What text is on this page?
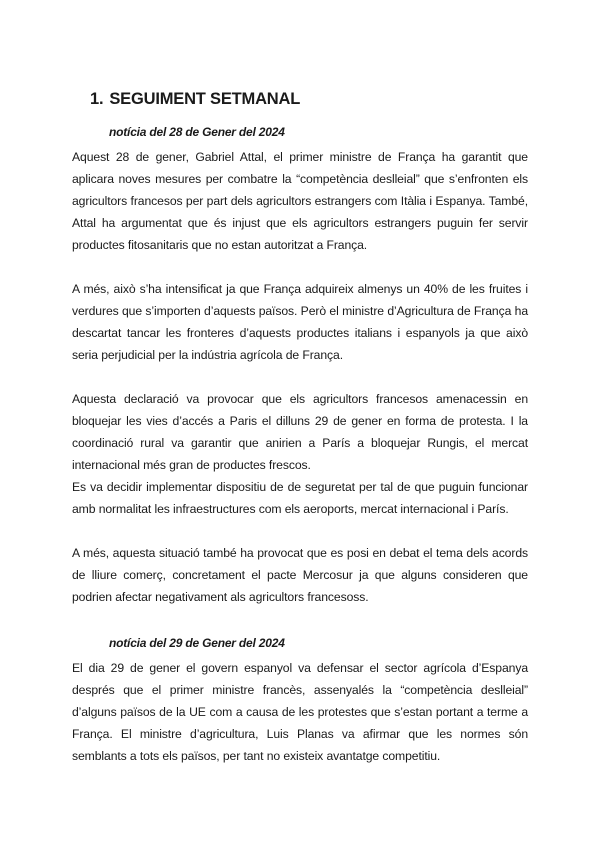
1. SEGUIMENT SETMANAL

notícia del 28 de Gener del 2024

Aquest 28 de gener, Gabriel Attal, el primer ministre de França ha garantit que aplicara noves mesures per combatre la “competència deslleial” que s’enfronten els agricultors francesos per part dels agricultors estrangers com Itàlia i Espanya. També, Attal ha argumentat que és injust que els agricultors estrangers puguin fer servir productes fitosanitaris que no estan autoritzat a França.

A més, això s’ha intensificat ja que França adquireix almenys un 40% de les fruites i verdures que s’importen d’aquests països. Però el ministre d’Agricultura de França ha descartat tancar les fronteres d’aquests productes italians i espanyols ja que això seria perjudicial per la indústria agrícola de França.

Aquesta declaració va provocar que els agricultors francesos amenacessin en bloquejar les vies d’accés a Paris el dilluns 29 de gener en forma de protesta. I la coordinació rural va garantir que anirien a París a bloquejar Rungis, el mercat internacional més gran de productes frescos.

Es va decidir implementar dispositiu de de seguretat per tal de que puguin funcionar amb normalitat les infraestructures com els aeroports, mercat internacional i París.

A més, aquesta situació també ha provocat que es posi en debat el tema dels acords de lliure comerç, concretament el pacte Mercosur ja que alguns consideren que podrien afectar negativament als agricultors francesoss.

notícia del 29 de Gener del 2024

El dia 29 de gener el govern espanyol va defensar el sector agrícola d’Espanya després que el primer ministre francès, assenyalés la “competència deslleial” d’alguns països de la UE com a causa de les protestes que s’estan portant a terme a França. El ministre d’agricultura, Luis Planas va afirmar que les normes són semblants a tots els països, per tant no existeix avantatge competitiu.
